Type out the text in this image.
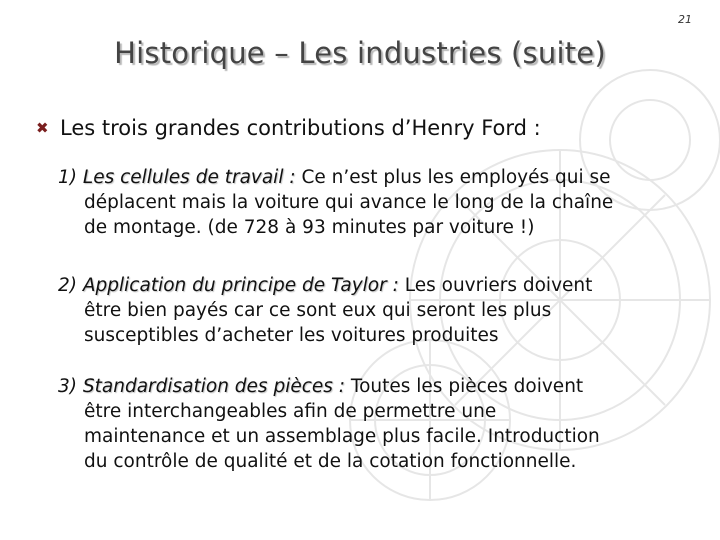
21
Historique – Les industries (suite)
✖ Les trois grandes contributions d’Henry Ford :
1) Les cellules de travail : Ce n’est plus les employés qui se
déplacent mais la voiture qui avance le long de la chaîne
de montage. (de 728 à 93 minutes par voiture !)
2) Application du principe de Taylor : Les ouvriers doivent
être bien payés car ce sont eux qui seront les plus
susceptibles d’acheter les voitures produites
3) Standardisation des pièces : Toutes les pièces doivent
être interchangeables afin de permettre une
maintenance et un assemblage plus facile. Introduction
du contrôle de qualité et de la cotation fonctionnelle.
